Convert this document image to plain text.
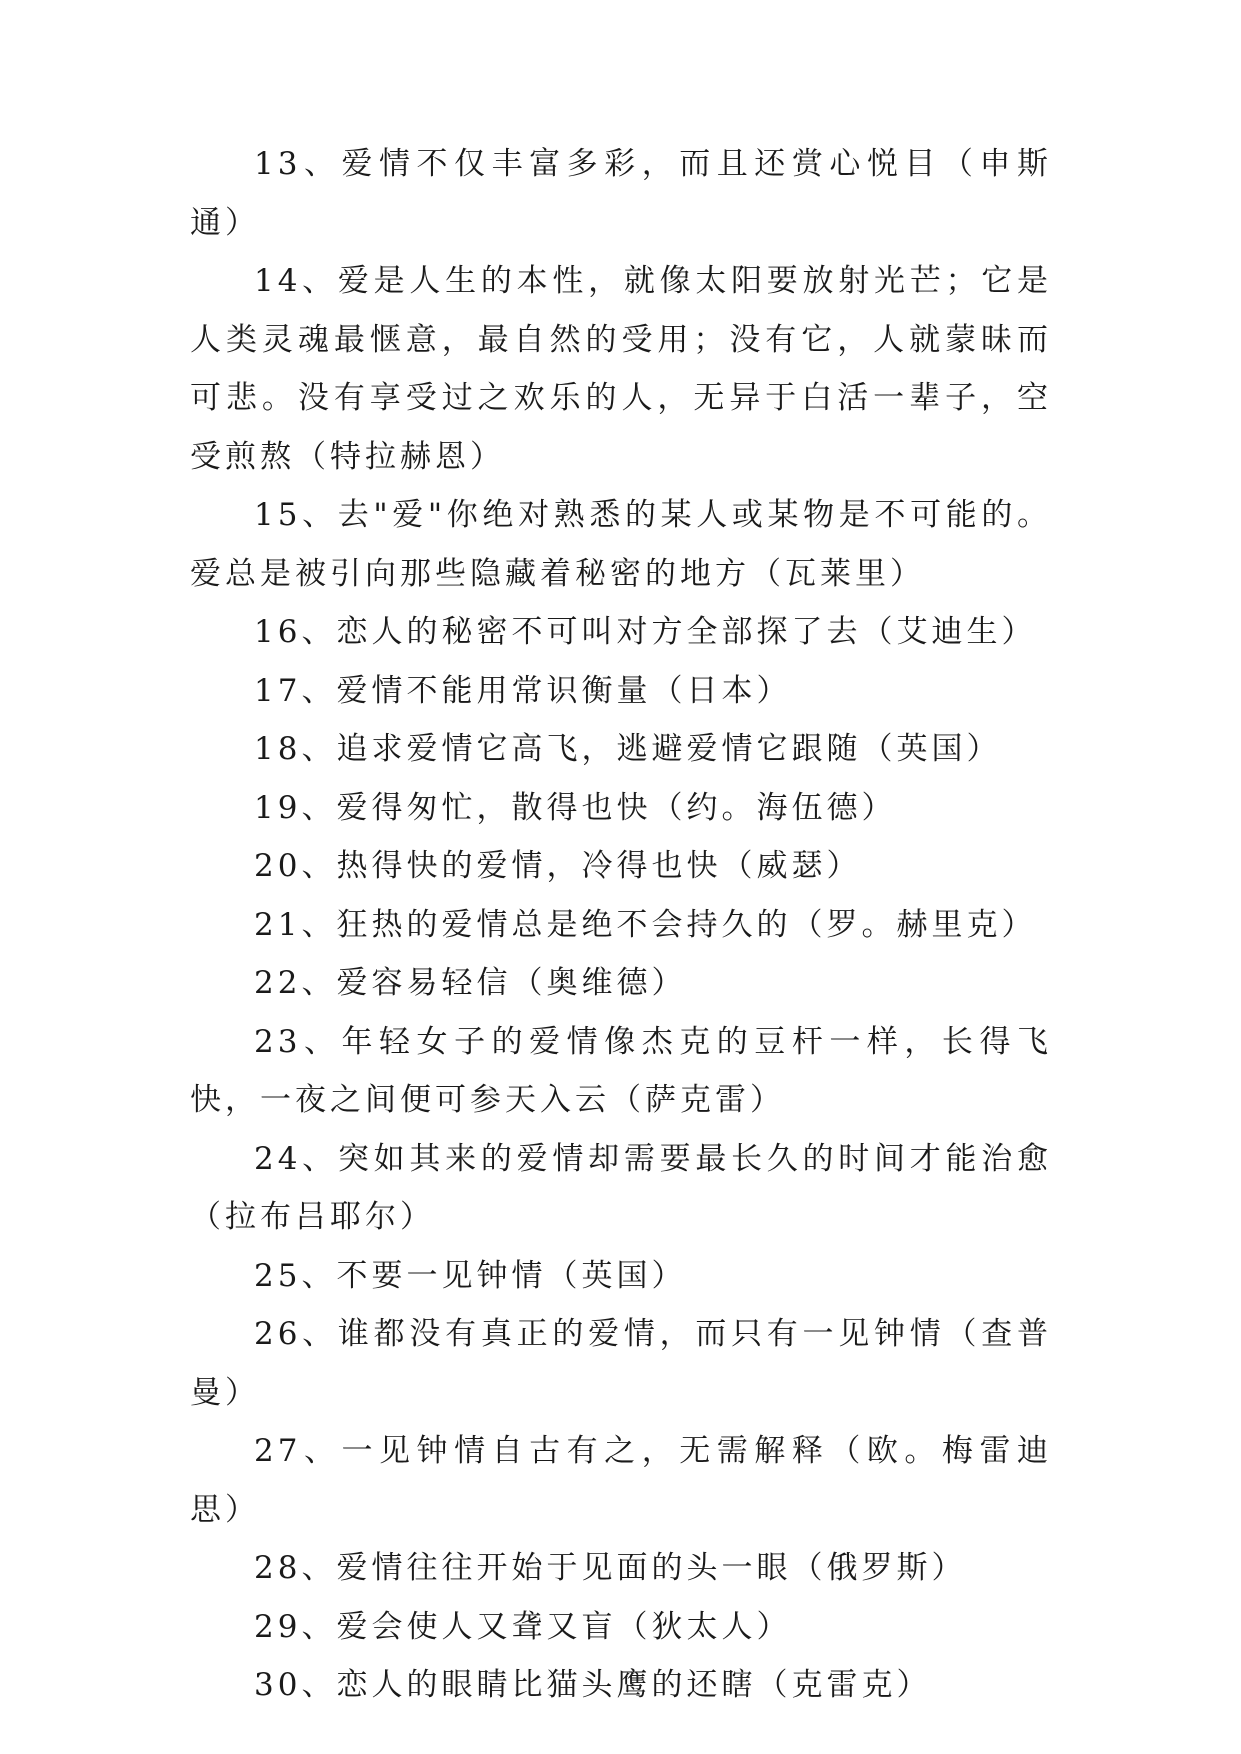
13、爱情不仅丰富多彩，而且还赏心悦目（申斯通）

14、爱是人生的本性，就像太阳要放射光芒；它是人类灵魂最惬意，最自然的受用；没有它，人就蒙昧而可悲。没有享受过之欢乐的人，无异于白活一辈子，空受煎熬（特拉赫恩）

15、去"爱"你绝对熟悉的某人或某物是不可能的。爱总是被引向那些隐藏着秘密的地方（瓦莱里）

16、恋人的秘密不可叫对方全部探了去（艾迪生）

17、爱情不能用常识衡量（日本）

18、追求爱情它高飞，逃避爱情它跟随（英国）

19、爱得匆忙，散得也快（约。海伍德）

20、热得快的爱情，冷得也快（威瑟）

21、狂热的爱情总是绝不会持久的（罗。赫里克）

22、爱容易轻信（奥维德）

23、年轻女子的爱情像杰克的豆杆一样，长得飞快，一夜之间便可参天入云（萨克雷）

24、突如其来的爱情却需要最长久的时间才能治愈（拉布吕耶尔）

25、不要一见钟情（英国）

26、谁都没有真正的爱情，而只有一见钟情（查普曼）

27、一见钟情自古有之，无需解释（欧。梅雷迪思）

28、爱情往往开始于见面的头一眼（俄罗斯）

29、爱会使人又聋又盲（狄太人）

30、恋人的眼睛比猫头鹰的还瞎（克雷克）
